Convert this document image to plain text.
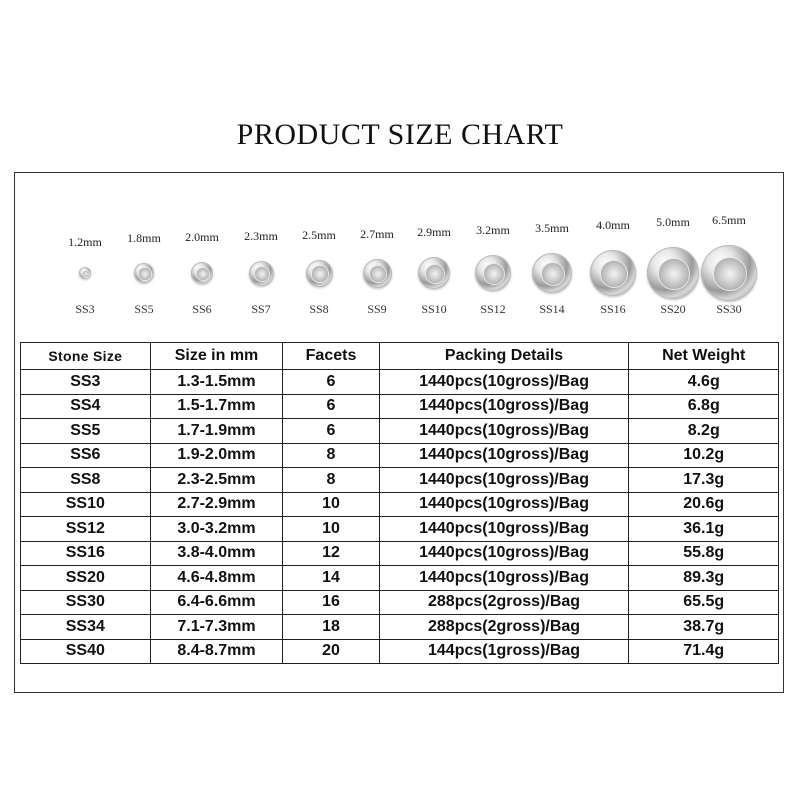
PRODUCT SIZE CHART
1.2mm
SS3
1.8mm
SS5
2.0mm
SS6
2.3mm
SS7
2.5mm
SS8
2.7mm
SS9
2.9mm
SS10
3.2mm
SS12
3.5mm
SS14
4.0mm
SS16
5.0mm
SS20
6.5mm
SS30
Stone Size	Size in mm	Facets	Packing Details	Net Weight
SS3	1.3-1.5mm	6	1440pcs(10gross)/Bag	4.6g
SS4	1.5-1.7mm	6	1440pcs(10gross)/Bag	6.8g
SS5	1.7-1.9mm	6	1440pcs(10gross)/Bag	8.2g
SS6	1.9-2.0mm	8	1440pcs(10gross)/Bag	10.2g
SS8	2.3-2.5mm	8	1440pcs(10gross)/Bag	17.3g
SS10	2.7-2.9mm	10	1440pcs(10gross)/Bag	20.6g
SS12	3.0-3.2mm	10	1440pcs(10gross)/Bag	36.1g
SS16	3.8-4.0mm	12	1440pcs(10gross)/Bag	55.8g
SS20	4.6-4.8mm	14	1440pcs(10gross)/Bag	89.3g
SS30	6.4-6.6mm	16	288pcs(2gross)/Bag	65.5g
SS34	7.1-7.3mm	18	288pcs(2gross)/Bag	38.7g
SS40	8.4-8.7mm	20	144pcs(1gross)/Bag	71.4g
